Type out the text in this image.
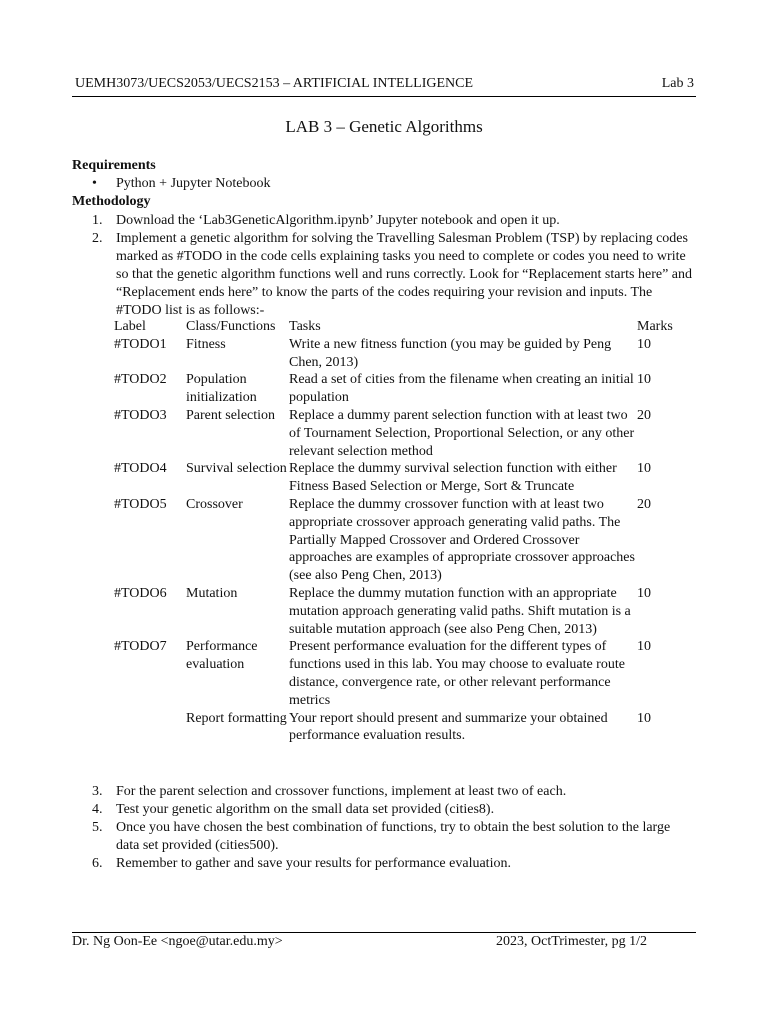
UEMH3073/UECS2053/UECS2153 – ARTIFICIAL INTELLIGENCE	Lab 3
LAB 3 – Genetic Algorithms
Requirements
• Python + Jupyter Notebook
Methodology
1. Download the ‘Lab3GeneticAlgorithm.ipynb’ Jupyter notebook and open it up.
2. Implement a genetic algorithm for solving the Travelling Salesman Problem (TSP) by replacing codes marked as #TODO in the code cells explaining tasks you need to complete or codes you need to write so that the genetic algorithm functions well and runs correctly. Look for “Replacement starts here” and “Replacement ends here” to know the parts of the codes requiring your revision and inputs. The #TODO list is as follows:-
Label	Class/Functions	Tasks	Marks
#TODO1	Fitness	Write a new fitness function (you may be guided by Peng Chen, 2013)	10
#TODO2	Population initialization	Read a set of cities from the filename when creating an initial population	10
#TODO3	Parent selection	Replace a dummy parent selection function with at least two of Tournament Selection, Proportional Selection, or any other relevant selection method	20
#TODO4	Survival selection	Replace the dummy survival selection function with either Fitness Based Selection or Merge, Sort & Truncate	10
#TODO5	Crossover	Replace the dummy crossover function with at least two appropriate crossover approach generating valid paths. The Partially Mapped Crossover and Ordered Crossover approaches are examples of appropriate crossover approaches (see also Peng Chen, 2013)	20
#TODO6	Mutation	Replace the dummy mutation function with an appropriate mutation approach generating valid paths. Shift mutation is a suitable mutation approach (see also Peng Chen, 2013)	10
#TODO7	Performance evaluation	Present performance evaluation for the different types of functions used in this lab. You may choose to evaluate route distance, convergence rate, or other relevant performance metrics	10
	Report formatting	Your report should present and summarize your obtained performance evaluation results.	10
3. For the parent selection and crossover functions, implement at least two of each.
4. Test your genetic algorithm on the small data set provided (cities8).
5. Once you have chosen the best combination of functions, try to obtain the best solution to the large data set provided (cities500).
6. Remember to gather and save your results for performance evaluation.
Dr. Ng Oon-Ee <ngoe@utar.edu.my>	2023, OctTrimester, pg 1/2
